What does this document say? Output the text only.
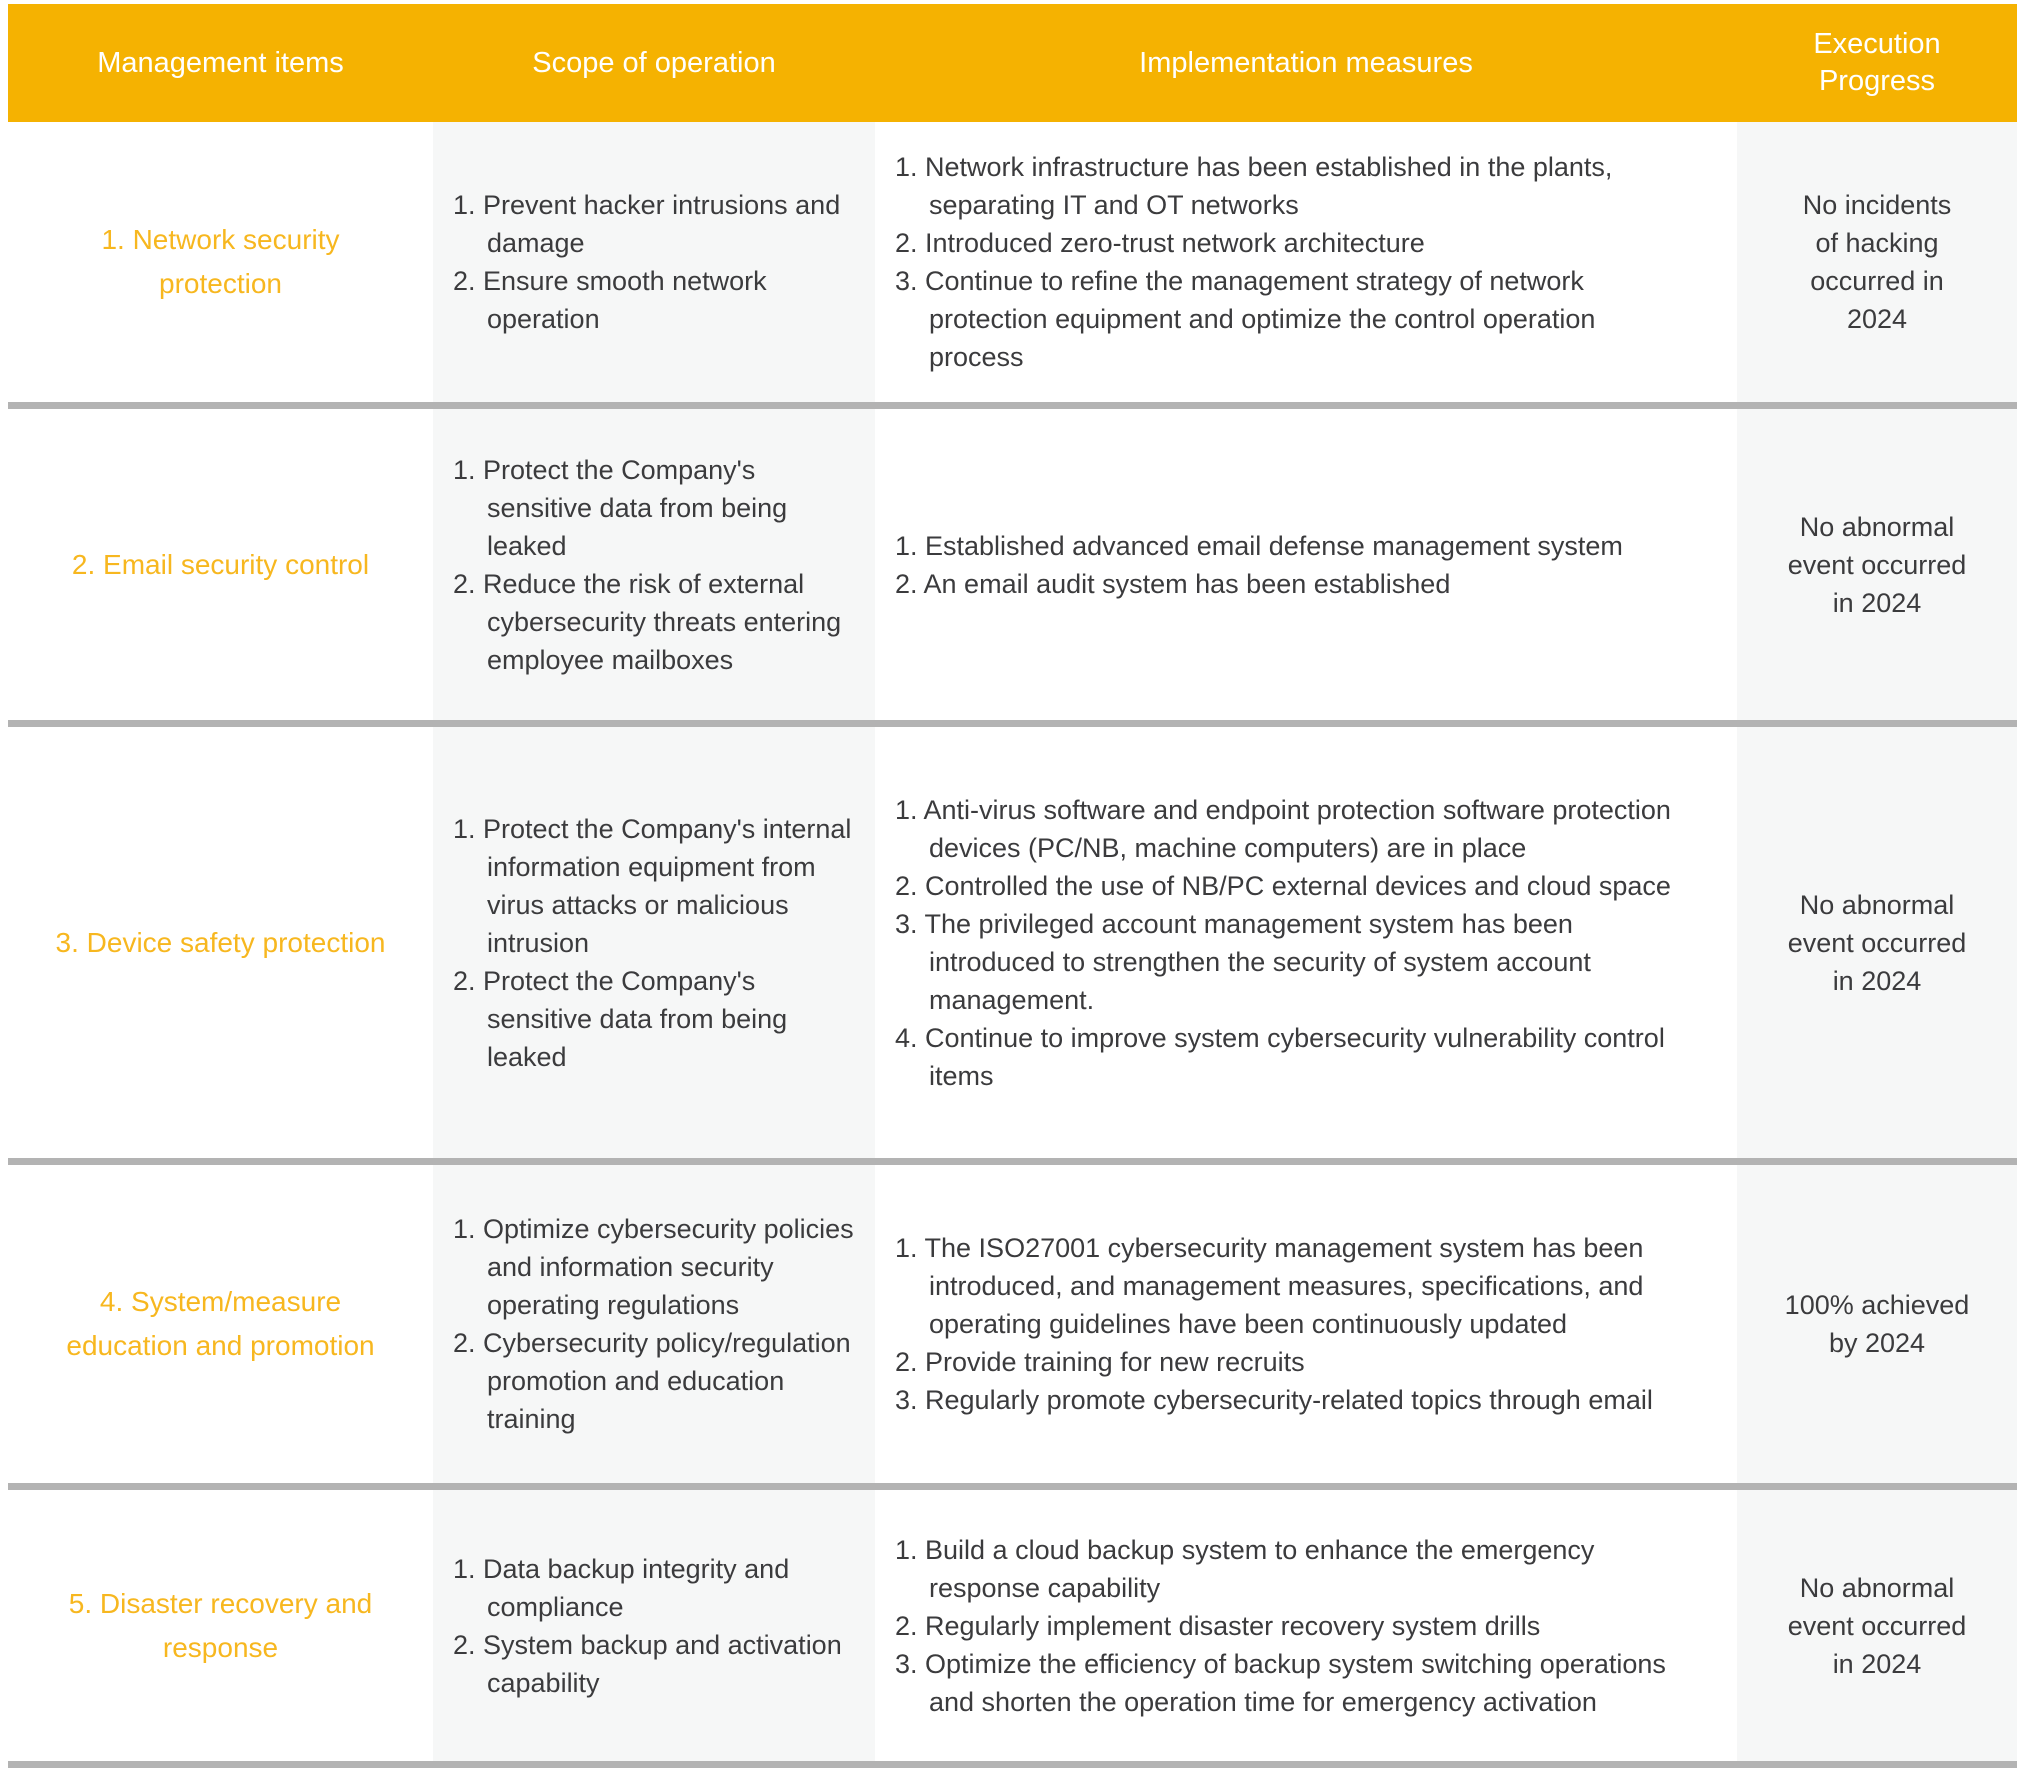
Management items	Scope of operation	Implementation measures
Execution Progress
1. Network security
protection
1. Prevent hacker intrusions and damage
2. Ensure smooth network operation
1. Network infrastructure has been established in the plants, separating IT and OT networks
2. Introduced zero-trust network architecture
3. Continue to refine the management strategy of network protection equipment and optimize the control operation process
No incidents
of hacking
occurred in
2024
2. Email security control
1. Protect the Company's sensitive data from being leaked
2. Reduce the risk of external cybersecurity threats entering employee mailboxes
1. Established advanced email defense management system
2. An email audit system has been established
No abnormal
event occurred
in 2024
3. Device safety protection
1. Protect the Company's internal information equipment from virus attacks or malicious intrusion
2. Protect the Company's sensitive data from being leaked
1. Anti-virus software and endpoint protection software protection devices (PC/NB, machine computers) are in place
2. Controlled the use of NB/PC external devices and cloud space
3. The privileged account management system has been introduced to strengthen the security of system account management.
4. Continue to improve system cybersecurity vulnerability control items
No abnormal
event occurred
in 2024
4. System/measure
education and promotion
1. Optimize cybersecurity policies and information security operating regulations
2. Cybersecurity policy/regulation promotion and education training
1. The ISO27001 cybersecurity management system has been introduced, and management measures, specifications, and operating guidelines have been continuously updated
2. Provide training for new recruits
3. Regularly promote cybersecurity-related topics through email
100% achieved
by 2024
5. Disaster recovery and
response
1. Data backup integrity and compliance
2. System backup and activation capability
1. Build a cloud backup system to enhance the emergency response capability
2. Regularly implement disaster recovery system drills
3. Optimize the efficiency of backup system switching operations and shorten the operation time for emergency activation
No abnormal
event occurred
in 2024
